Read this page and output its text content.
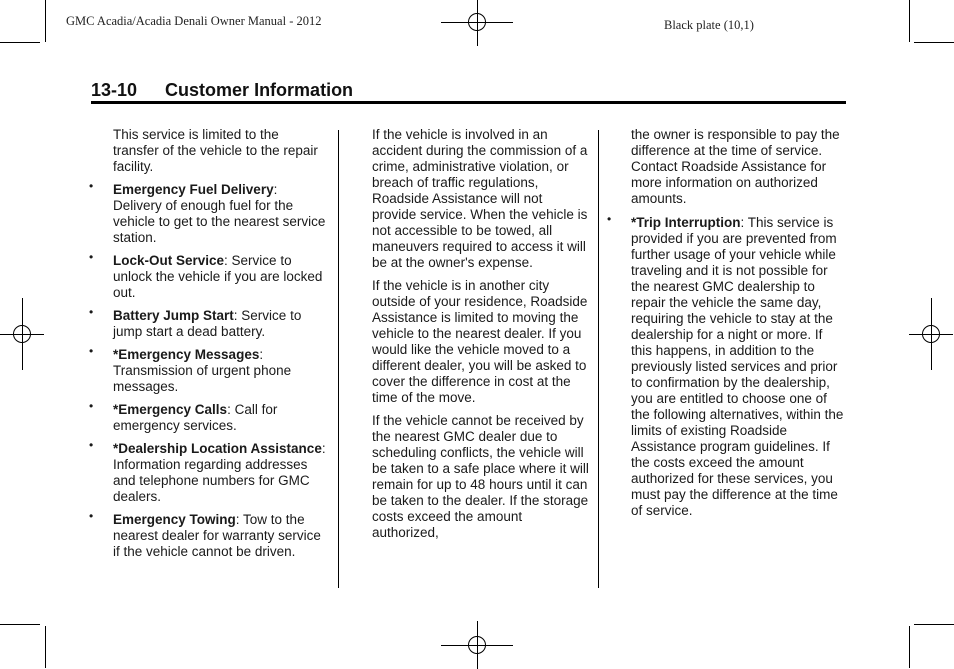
GMC Acadia/Acadia Denali Owner Manual - 2012	Black plate (10,1)
13-10 Customer Information

This service is limited to the transfer of the vehicle to the repair facility.

• Emergency Fuel Delivery: Delivery of enough fuel for the vehicle to get to the nearest service station.
• Lock-Out Service: Service to unlock the vehicle if you are locked out.
• Battery Jump Start: Service to jump start a dead battery.
• *Emergency Messages: Transmission of urgent phone messages.
• *Emergency Calls: Call for emergency services.
• *Dealership Location Assistance: Information regarding addresses and telephone numbers for GMC dealers.
• Emergency Towing: Tow to the nearest dealer for warranty service if the vehicle cannot be driven.

If the vehicle is involved in an accident during the commission of a crime, administrative violation, or breach of traffic regulations, Roadside Assistance will not provide service. When the vehicle is not accessible to be towed, all maneuvers required to access it will be at the owner's expense.

If the vehicle is in another city outside of your residence, Roadside Assistance is limited to moving the vehicle to the nearest dealer. If you would like the vehicle moved to a different dealer, you will be asked to cover the difference in cost at the time of the move.

If the vehicle cannot be received by the nearest GMC dealer due to scheduling conflicts, the vehicle will be taken to a safe place where it will remain for up to 48 hours until it can be taken to the dealer. If the storage costs exceed the amount authorized,

the owner is responsible to pay the difference at the time of service. Contact Roadside Assistance for more information on authorized amounts.

• *Trip Interruption: This service is provided if you are prevented from further usage of your vehicle while traveling and it is not possible for the nearest GMC dealership to repair the vehicle the same day, requiring the vehicle to stay at the dealership for a night or more. If this happens, in addition to the previously listed services and prior to confirmation by the dealership, you are entitled to choose one of the following alternatives, within the limits of existing Roadside Assistance program guidelines. If the costs exceed the amount authorized for these services, you must pay the difference at the time of service.
